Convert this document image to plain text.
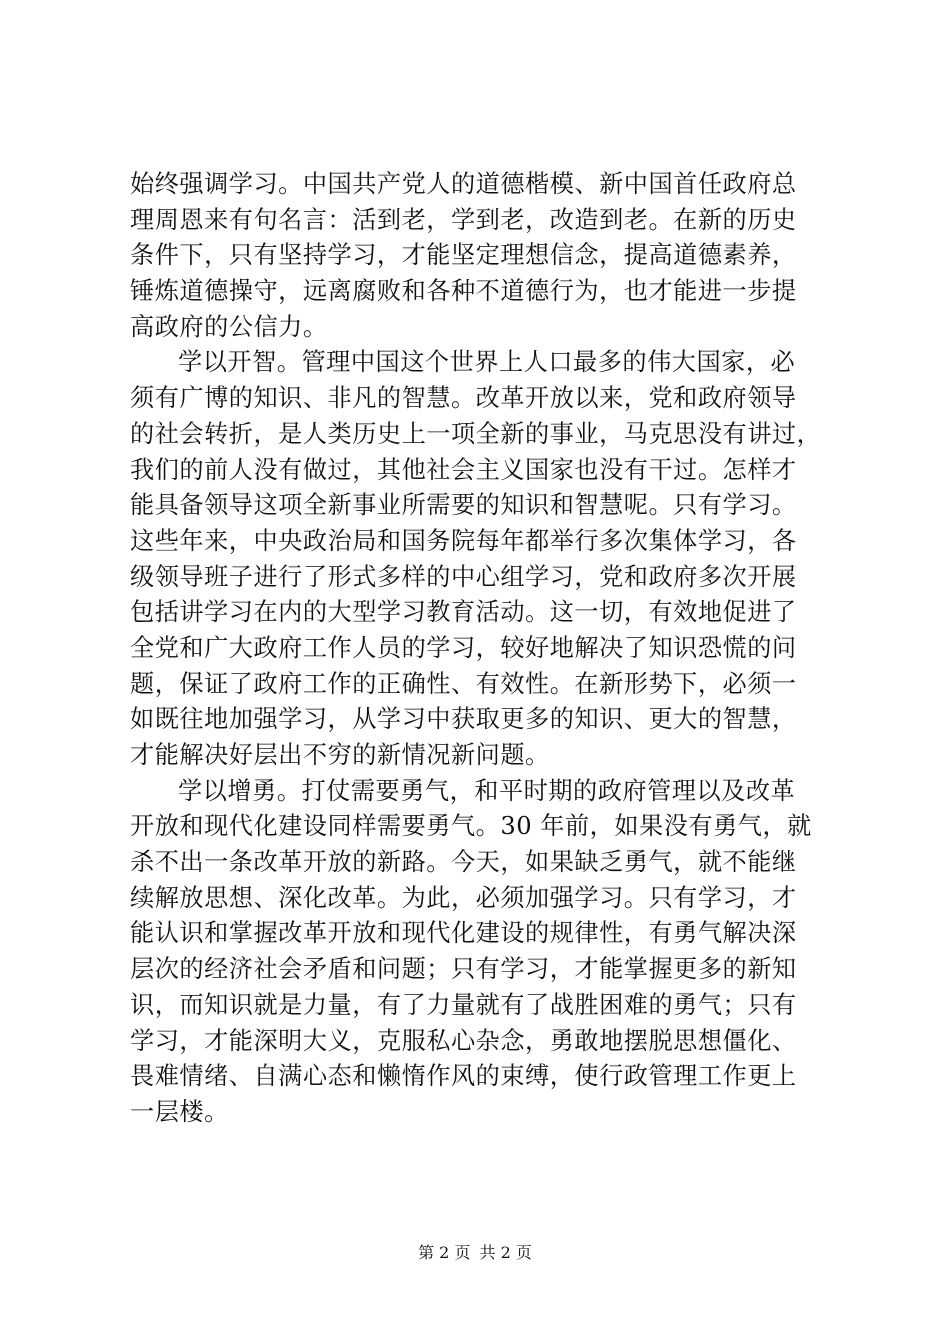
始终强调学习。中国共产党人的道德楷模、新中国首任政府总
理周恩来有句名言：活到老，学到老，改造到老。在新的历史
条件下，只有坚持学习，才能坚定理想信念，提高道德素养，
锤炼道德操守，远离腐败和各种不道德行为，也才能进一步提
高政府的公信力。
学以开智。管理中国这个世界上人口最多的伟大国家，必
须有广博的知识、非凡的智慧。改革开放以来，党和政府领导
的社会转折，是人类历史上一项全新的事业，马克思没有讲过，
我们的前人没有做过，其他社会主义国家也没有干过。怎样才
能具备领导这项全新事业所需要的知识和智慧呢。只有学习。
这些年来，中央政治局和国务院每年都举行多次集体学习，各
级领导班子进行了形式多样的中心组学习，党和政府多次开展
包括讲学习在内的大型学习教育活动。这一切，有效地促进了
全党和广大政府工作人员的学习，较好地解决了知识恐慌的问
题，保证了政府工作的正确性、有效性。在新形势下，必须一
如既往地加强学习，从学习中获取更多的知识、更大的智慧，
才能解决好层出不穷的新情况新问题。
学以增勇。打仗需要勇气，和平时期的政府管理以及改革
开放和现代化建设同样需要勇气。30 年前，如果没有勇气，就
杀不出一条改革开放的新路。今天，如果缺乏勇气，就不能继
续解放思想、深化改革。为此，必须加强学习。只有学习，才
能认识和掌握改革开放和现代化建设的规律性，有勇气解决深
层次的经济社会矛盾和问题；只有学习，才能掌握更多的新知
识，而知识就是力量，有了力量就有了战胜困难的勇气；只有
学习，才能深明大义，克服私心杂念，勇敢地摆脱思想僵化、
畏难情绪、自满心态和懒惰作风的束缚，使行政管理工作更上
一层楼。
第 2 页 共 2 页
